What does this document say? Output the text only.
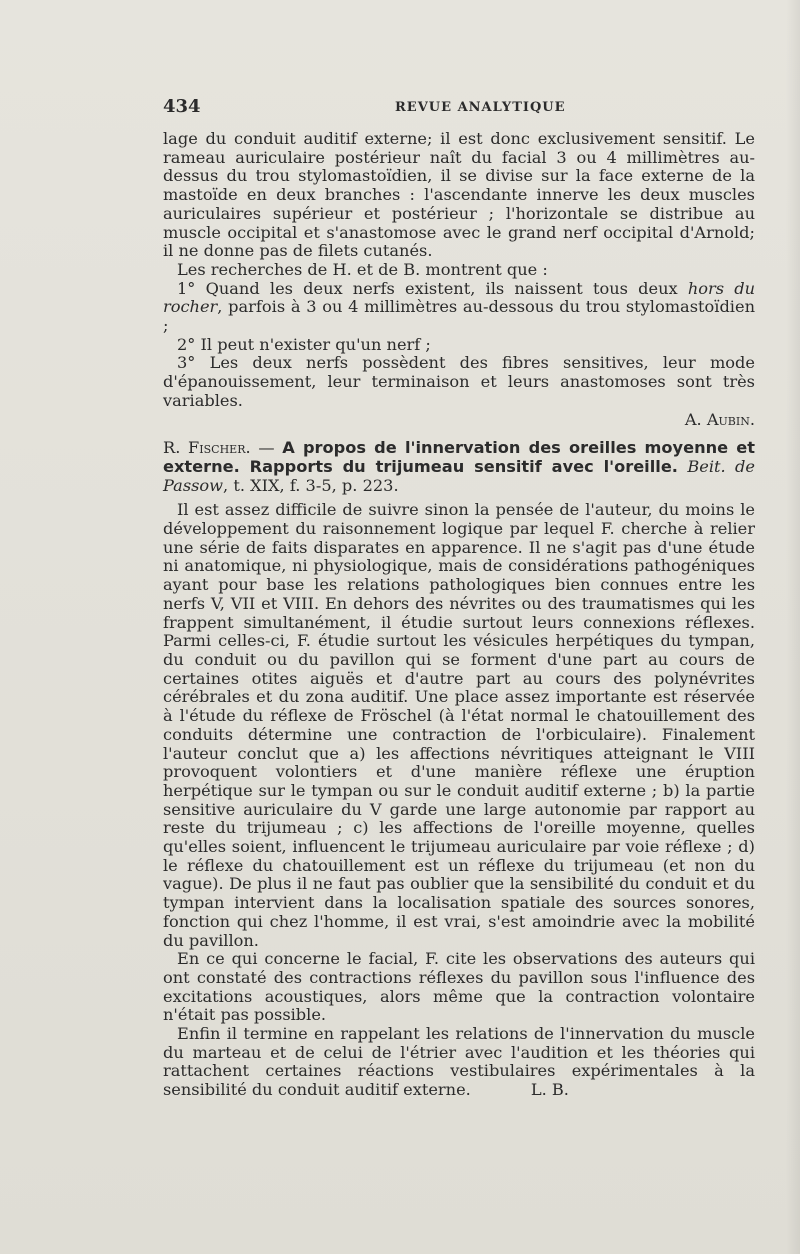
434	REVUE ANALYTIQUE

lage du conduit auditif externe; il est donc exclusivement sensitif. Le rameau auriculaire postérieur naît du facial 3 ou 4 millimètres au-dessus du trou stylomastoïdien, il se divise sur la face externe de la mastoïde en deux branches : l'ascendante innerve les deux muscles auriculaires supérieur et postérieur ; l'horizontale se distribue au muscle occipital et s'anastomose avec le grand nerf occipital d'Arnold; il ne donne pas de filets cutanés.

Les recherches de H. et de B. montrent que :

1° Quand les deux nerfs existent, ils naissent tous deux hors du rocher, parfois à 3 ou 4 millimètres au-dessous du trou stylomastoïdien ;

2° Il peut n'exister qu'un nerf ;

3° Les deux nerfs possèdent des fibres sensitives, leur mode d'épanouissement, leur terminaison et leurs anastomoses sont très variables.

A. Aubin.

R. Fischer. — A propos de l'innervation des oreilles moyenne et externe. Rapports du trijumeau sensitif avec l'oreille. Beit. de Passow, t. XIX, f. 3-5, p. 223.

Il est assez difficile de suivre sinon la pensée de l'auteur, du moins le développement du raisonnement logique par lequel F. cherche à relier une série de faits disparates en apparence. Il ne s'agit pas d'une étude ni anatomique, ni physiologique, mais de considérations pathogéniques ayant pour base les relations pathologiques bien connues entre les nerfs V, VII et VIII. En dehors des névrites ou des traumatismes qui les frappent simultanément, il étudie surtout leurs connexions réflexes. Parmi celles-ci, F. étudie surtout les vésicules herpétiques du tympan, du conduit ou du pavillon qui se forment d'une part au cours de certaines otites aiguës et d'autre part au cours des polynévrites cérébrales et du zona auditif. Une place assez importante est réservée à l'étude du réflexe de Fröschel (à l'état normal le chatouillement des conduits détermine une contraction de l'orbiculaire). Finalement l'auteur conclut que a) les affections névritiques atteignant le VIII provoquent volontiers et d'une manière réflexe une éruption herpétique sur le tympan ou sur le conduit auditif externe ; b) la partie sensitive auriculaire du V garde une large autonomie par rapport au reste du trijumeau ; c) les affections de l'oreille moyenne, quelles qu'elles soient, influencent le trijumeau auriculaire par voie réflexe ; d) le réflexe du chatouillement est un réflexe du trijumeau (et non du vague). De plus il ne faut pas oublier que la sensibilité du conduit et du tympan intervient dans la localisation spatiale des sources sonores, fonction qui chez l'homme, il est vrai, s'est amoindrie avec la mobilité du pavillon.

En ce qui concerne le facial, F. cite les observations des auteurs qui ont constaté des contractions réflexes du pavillon sous l'influence des excitations acoustiques, alors même que la contraction volontaire n'était pas possible.

Enfin il termine en rappelant les relations de l'innervation du muscle du marteau et de celui de l'étrier avec l'audition et les théories qui rattachent certaines réactions vestibulaires expérimentales à la sensibilité du conduit auditif externe.	L. B.
